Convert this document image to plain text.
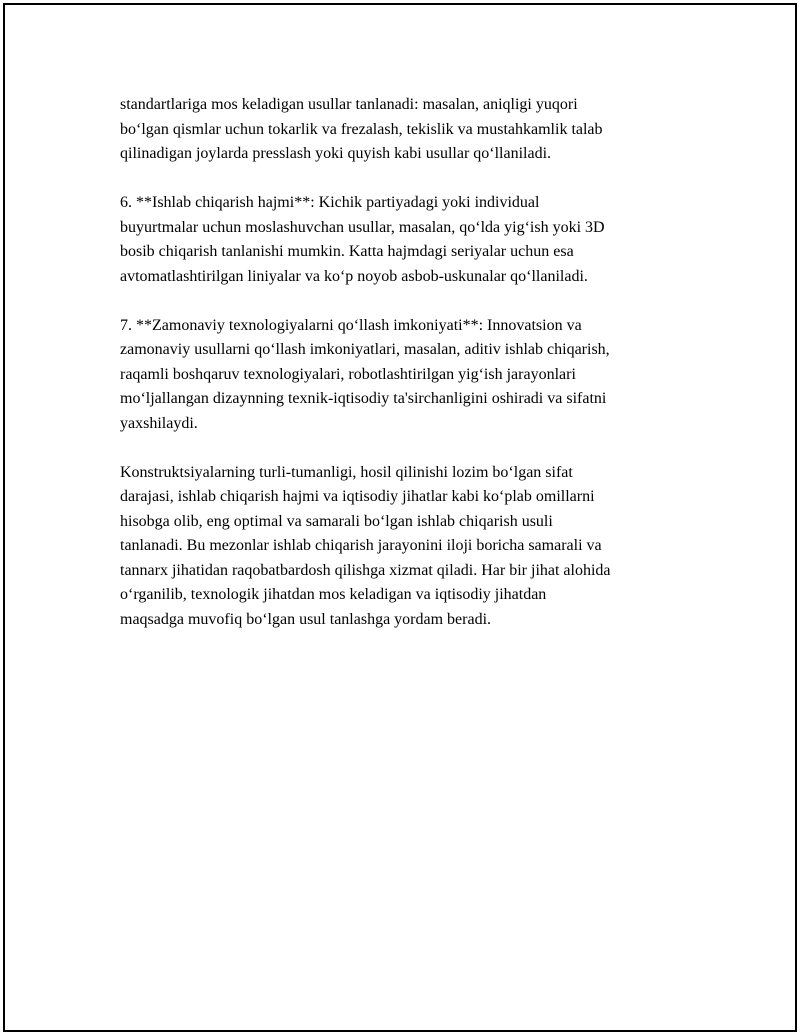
standartlariga mos keladigan usullar tanlanadi: masalan, aniqligi yuqori
bo‘lgan qismlar uchun tokarlik va frezalash, tekislik va mustahkamlik talab
qilinadigan joylarda presslash yoki quyish kabi usullar qo‘llaniladi.

6. **Ishlab chiqarish hajmi**: Kichik partiyadagi yoki individual
buyurtmalar uchun moslashuvchan usullar, masalan, qo‘lda yig‘ish yoki 3D
bosib chiqarish tanlanishi mumkin. Katta hajmdagi seriyalar uchun esa
avtomatlashtirilgan liniyalar va ko‘p noyob asbob-uskunalar qo‘llaniladi.

7. **Zamonaviy texnologiyalarni qo‘llash imkoniyati**: Innovatsion va
zamonaviy usullarni qo‘llash imkoniyatlari, masalan, aditiv ishlab chiqarish,
raqamli boshqaruv texnologiyalari, robotlashtirilgan yig‘ish jarayonlari
mo‘ljallangan dizaynning texnik-iqtisodiy ta'sirchanligini oshiradi va sifatni
yaxshilaydi.

Konstruktsiyalarning turli-tumanligi, hosil qilinishi lozim bo‘lgan sifat
darajasi, ishlab chiqarish hajmi va iqtisodiy jihatlar kabi ko‘plab omillarni
hisobga olib, eng optimal va samarali bo‘lgan ishlab chiqarish usuli
tanlanadi. Bu mezonlar ishlab chiqarish jarayonini iloji boricha samarali va
tannarx jihatidan raqobatbardosh qilishga xizmat qiladi. Har bir jihat alohida
o‘rganilib, texnologik jihatdan mos keladigan va iqtisodiy jihatdan
maqsadga muvofiq bo‘lgan usul tanlashga yordam beradi.
